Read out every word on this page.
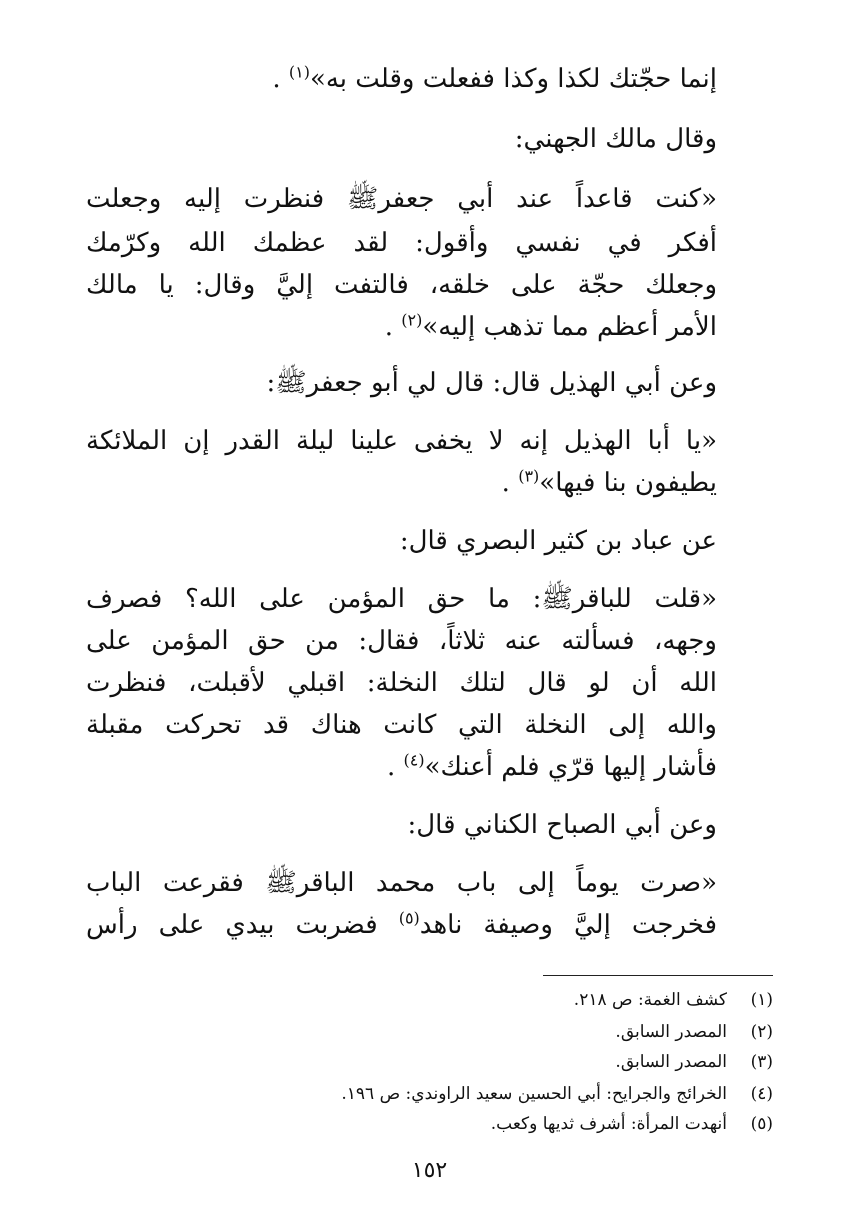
إنما حجّتك لكذا وكذا ففعلت وقلت به»$^{(١)}$ .
وقال مالك الجهني:
«كنت قاعداً عند أبي جعفرﷺ فنظرت إليه وجعلت
أفكر في نفسي وأقول: لقد عظمك الله وكرّمك
وجعلك حجّة على خلقه، فالتفت إليَّ وقال: يا مالك
الأمر أعظم مما تذهب إليه»$^{(٢)}$ .
وعن أبي الهذيل قال: قال لي أبو جعفرﷺ:
«يا أبا الهذيل إنه لا يخفى علينا ليلة القدر إن الملائكة
يطيفون بنا فيها»$^{(٣)}$ .
عن عباد بن كثير البصري قال:
«قلت للباقرﷺ: ما حق المؤمن على الله؟ فصرف
وجهه، فسألته عنه ثلاثاً، فقال: من حق المؤمن على
الله أن لو قال لتلك النخلة: اقبلي لأقبلت، فنظرت
والله إلى النخلة التي كانت هناك قد تحركت مقبلة
فأشار إليها قرّي فلم أعنك»$^{(٤)}$ .
وعن أبي الصباح الكناني قال:
«صرت يوماً إلى باب محمد الباقرﷺ فقرعت الباب
فخرجت إليَّ وصيفة ناهد$^{(٥)}$ فضربت بيدي على رأس
(١)كشف الغمة: ص ٢١٨.
(٢)المصدر السابق.
(٣)المصدر السابق.
(٤)الخرائج والجرايح: أبي الحسين سعيد الراوندي: ص ١٩٦.
(٥)أنهدت المرأة: أشرف ثديها وكعب.
١٥٢
